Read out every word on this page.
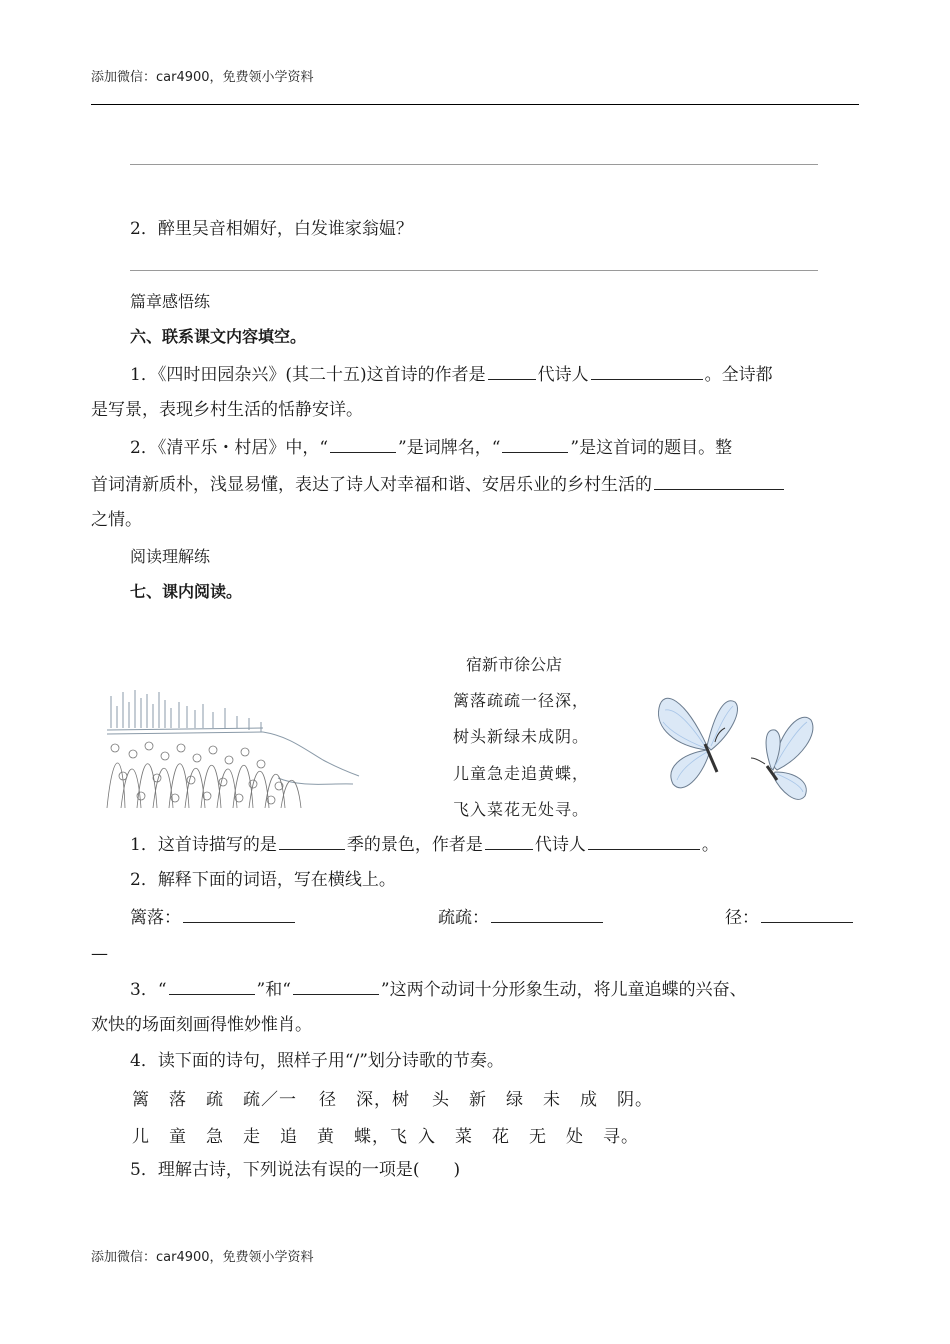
添加微信：car4900，免费领小学资料
2．醉里吴音相媚好，白发谁家翁媪？
篇章感悟练
六、联系课文内容填空。
1．《四时田园杂兴》(其二十五)这首诗的作者是	代诗人	。全诗都
是写景，表现乡村生活的恬静安详。
2．《清平乐・村居》中，“	”是词牌名，“	”是这首词的题目。整
首词清新质朴，浅显易懂，表达了诗人对幸福和谐、安居乐业的乡村生活的
之情。
阅读理解练
七、课内阅读。
宿新市徐公店
篱落疏疏一径深，
树头新绿未成阴。
儿童急走追黄蝶，
飞入菜花无处寻。
1．这首诗描写的是	季的景色，作者是	代诗人	。
2．解释下面的词语，写在横线上。
篱落：	疏疏：	径：
—
3．“	”和“	”这两个动词十分形象生动，将儿童追蝶的兴奋、
欢快的场面刻画得惟妙惟肖。
4．读下面的诗句，照样子用“/”划分诗歌的节奏。
篱 落 疏 疏／一 径 深，树 头 新 绿 未 成 阴。
儿 童 急 走 追 黄 蝶，飞 入 菜 花 无 处 寻。
5．理解古诗，下列说法有误的一项是(　　)
添加微信：car4900，免费领小学资料
